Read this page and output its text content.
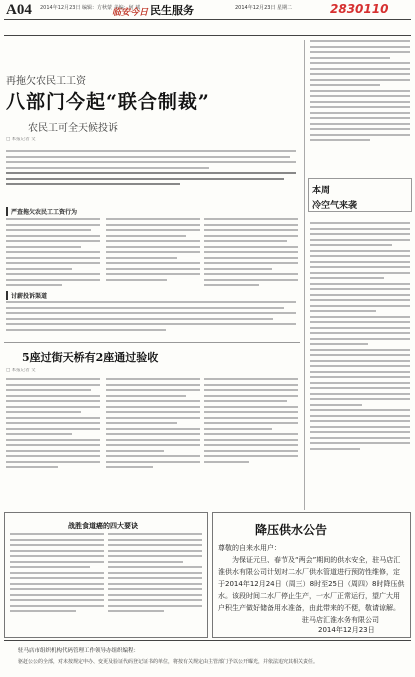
A04 2014年12月23日 编辑：方秋蒙 美编：何 斌
临安今日 民生服务	2014年12月23日 星期二	2830110
再拖欠农民工工资
八部门今起“联合制裁”
农民工可全天候投诉
□ 本报记者 文
严查拖欠农民工工资行为
讨薪投诉渠道
5座过街天桥有2座通过验收
□ 本报记者 文
本周
冷空气来袭
战胜食道癌的四大要诀	降压供水公告
尊敬的自来水用户：
为保证元旦、春节及“两会”期间的供水安全，驻马店汇淮供水有限公司计划对二水厂供水管道进行预防性维修，定于2014年12月24日（周三）8时至25日（周四）8时降压供水。该段时间二水厂停止生产，一水厂正常运行，望广大用户积生产做好储备用水准备，由此带来的不便，敬请谅解。
驻马店汇淮水务有限公司
2014年12月23日
驻马店市组织机构代码管理工作领导办组织编程：
驱赶公公的全部，对未按规定申办、变更及验证代码登记证书的单位，将按有关规定由主管部门予以公开曝光，并依法追究其相关责任。
